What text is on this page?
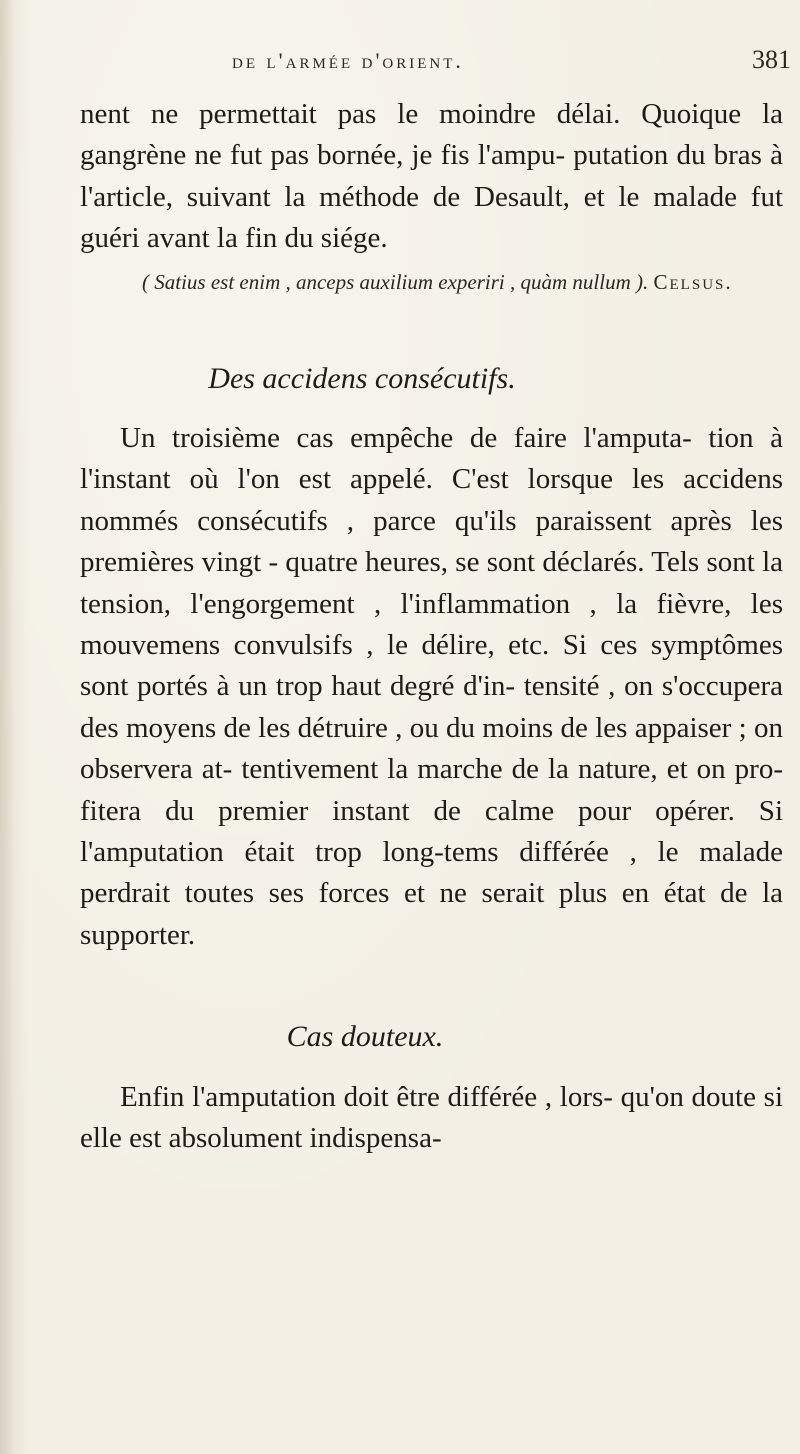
de l'armée d'orient.	381

nent ne permettait pas le moindre délai. Quoique la gangrène ne fut pas bornée, je fis l'ampu- putation du bras à l'article, suivant la méthode de Desault, et le malade fut guéri avant la fin du siége.

( Satius est enim , anceps auxilium experiri , quàm nullum ). Celsus.
Des accidens consécutifs.

Un troisième cas empêche de faire l'amputa- tion à l'instant où l'on est appelé. C'est lorsque les accidens nommés consécutifs , parce qu'ils paraissent après les premières vingt - quatre heures, se sont déclarés. Tels sont la tension, l'engorgement , l'inflammation , la fièvre, les mouvemens convulsifs , le délire, etc. Si ces symptômes sont portés à un trop haut degré d'in- tensité , on s'occupera des moyens de les détruire , ou du moins de les appaiser ; on observera at- tentivement la marche de la nature, et on pro- fitera du premier instant de calme pour opérer. Si l'amputation était trop long-tems différée , le malade perdrait toutes ses forces et ne serait plus en état de la supporter.

Cas douteux.

Enfin l'amputation doit être différée , lors- qu'on doute si elle est absolument indispensa-
